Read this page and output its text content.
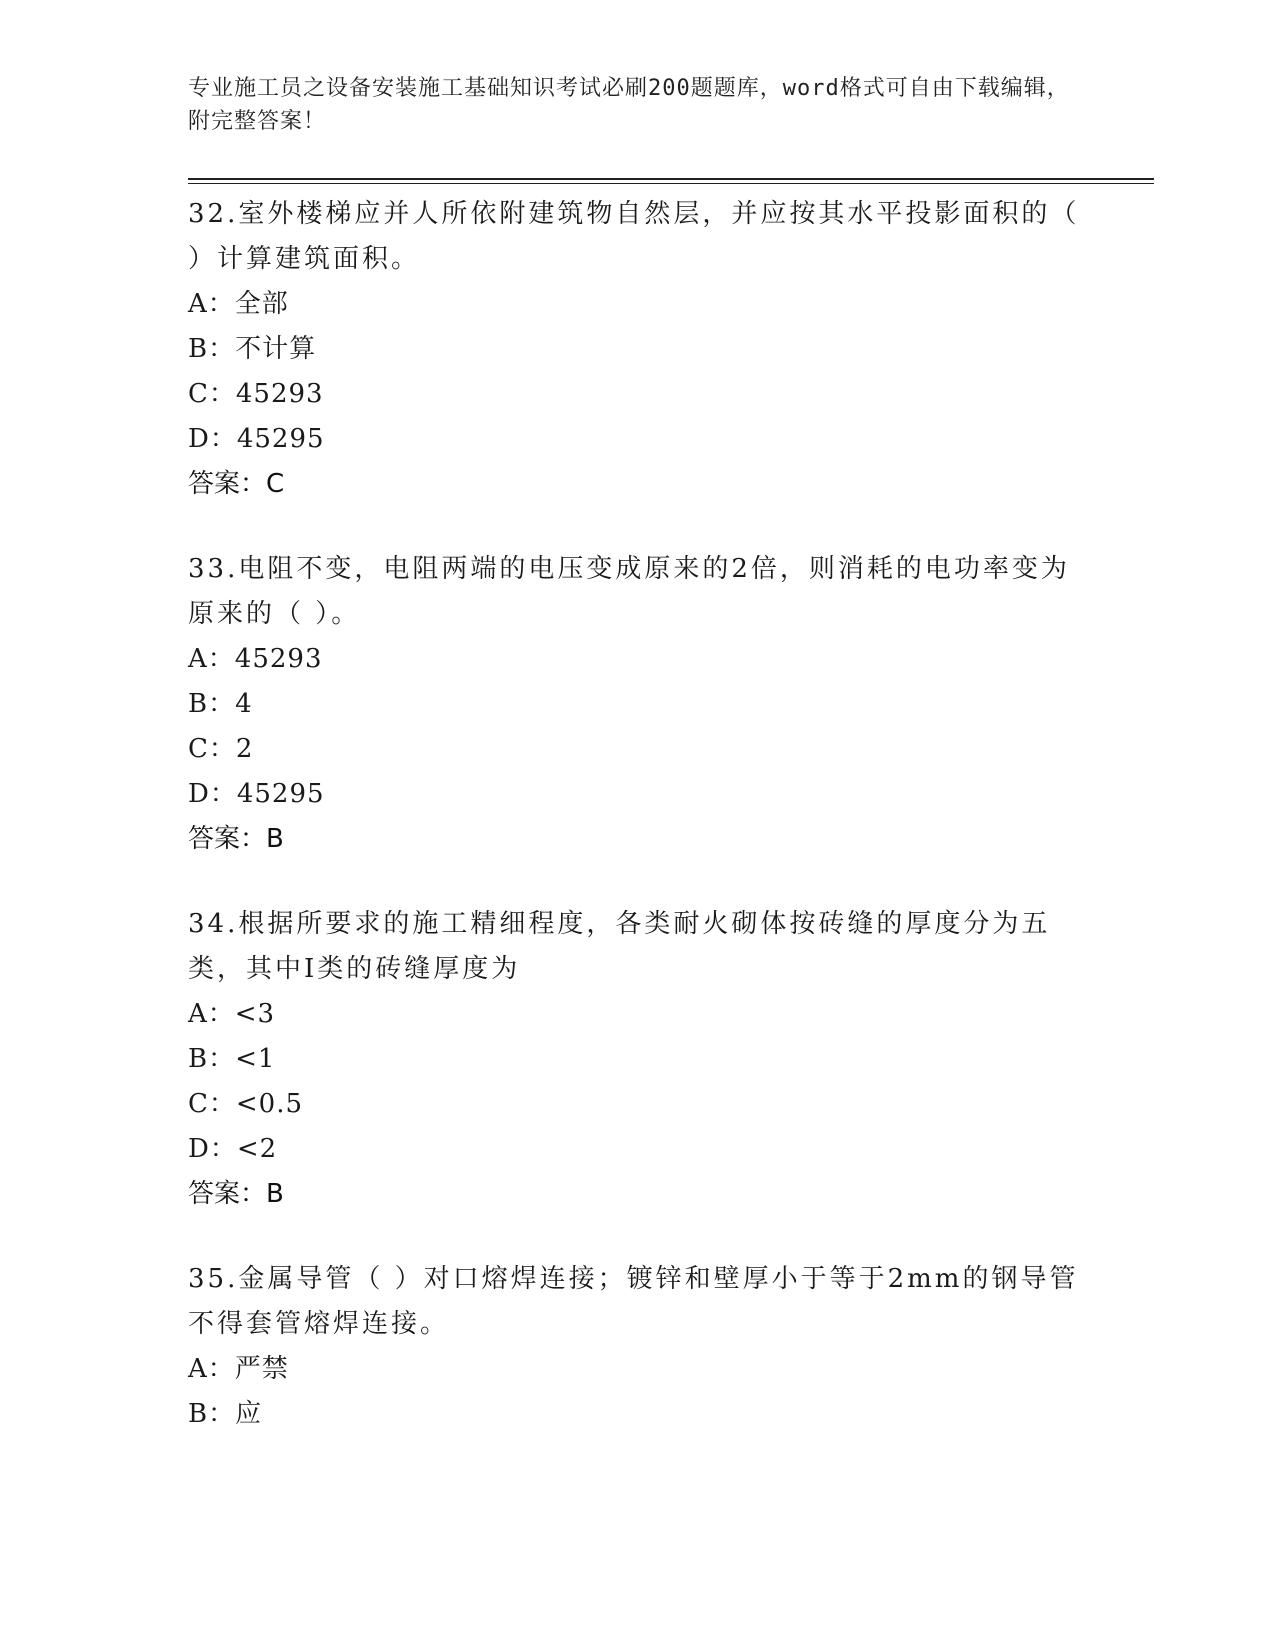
专业施工员之设备安装施工基础知识考试必刷200题题库，word格式可自由下载编辑，附完整答案！
32.室外楼梯应并人所依附建筑物自然层，并应按其水平投影面积的（ ）计算建筑面积。
A：全部
B：不计算
C：45293
D：45295
答案：C
33.电阻不变，电阻两端的电压变成原来的2倍，则消耗的电功率变为原来的（ ）。
A：45293
B：4
C：2
D：45295
答案：B
34.根据所要求的施工精细程度，各类耐火砌体按砖缝的厚度分为五类，其中I类的砖缝厚度为
A：<3
B：<1
C：<0.5
D：<2
答案：B
35.金属导管（ ）对口熔焊连接；镀锌和壁厚小于等于2mm的钢导管不得套管熔焊连接。
A：严禁
B：应
